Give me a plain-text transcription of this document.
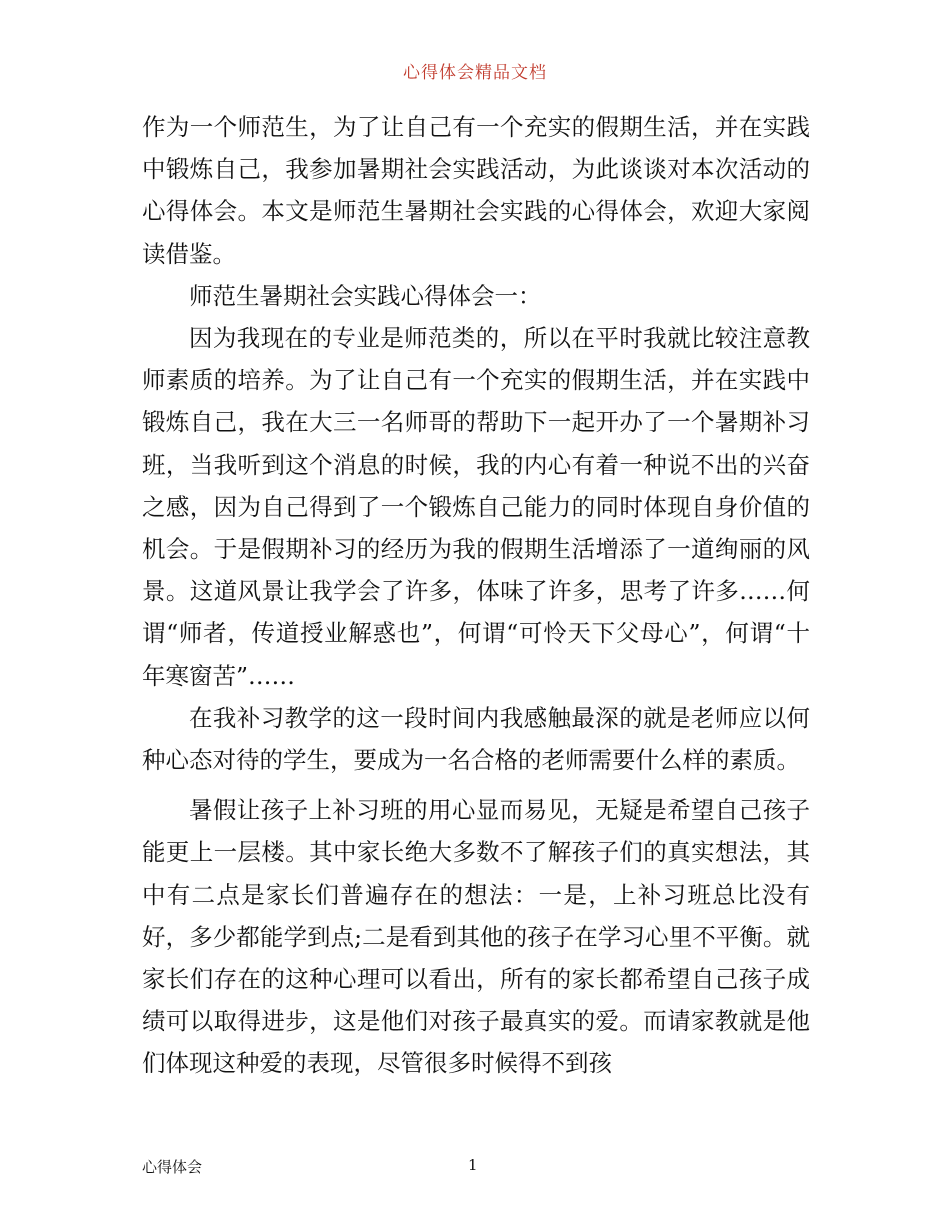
心得体会精品文档

作为一个师范生，为了让自己有一个充实的假期生活，并在实践中锻炼自己，我参加暑期社会实践活动，为此谈谈对本次活动的心得体会。本文是师范生暑期社会实践的心得体会，欢迎大家阅读借鉴。

师范生暑期社会实践心得体会一：

因为我现在的专业是师范类的，所以在平时我就比较注意教师素质的培养。为了让自己有一个充实的假期生活，并在实践中锻炼自己，我在大三一名师哥的帮助下一起开办了一个暑期补习班，当我听到这个消息的时候，我的内心有着一种说不出的兴奋之感，因为自己得到了一个锻炼自己能力的同时体现自身价值的机会。于是假期补习的经历为我的假期生活增添了一道绚丽的风景。这道风景让我学会了许多，体味了许多，思考了许多……何谓“师者，传道授业解惑也”，何谓“可怜天下父母心”，何谓“十年寒窗苦”……

在我补习教学的这一段时间内我感触最深的就是老师应以何种心态对待的学生，要成为一名合格的老师需要什么样的素质。

暑假让孩子上补习班的用心显而易见，无疑是希望自己孩子能更上一层楼。其中家长绝大多数不了解孩子们的真实想法，其中有二点是家长们普遍存在的想法：一是，上补习班总比没有好，多少都能学到点;二是看到其他的孩子在学习心里不平衡。就家长们存在的这种心理可以看出，所有的家长都希望自己孩子成绩可以取得进步，这是他们对孩子最真实的爱。而请家教就是他们体现这种爱的表现，尽管很多时候得不到孩

心得体会	1
